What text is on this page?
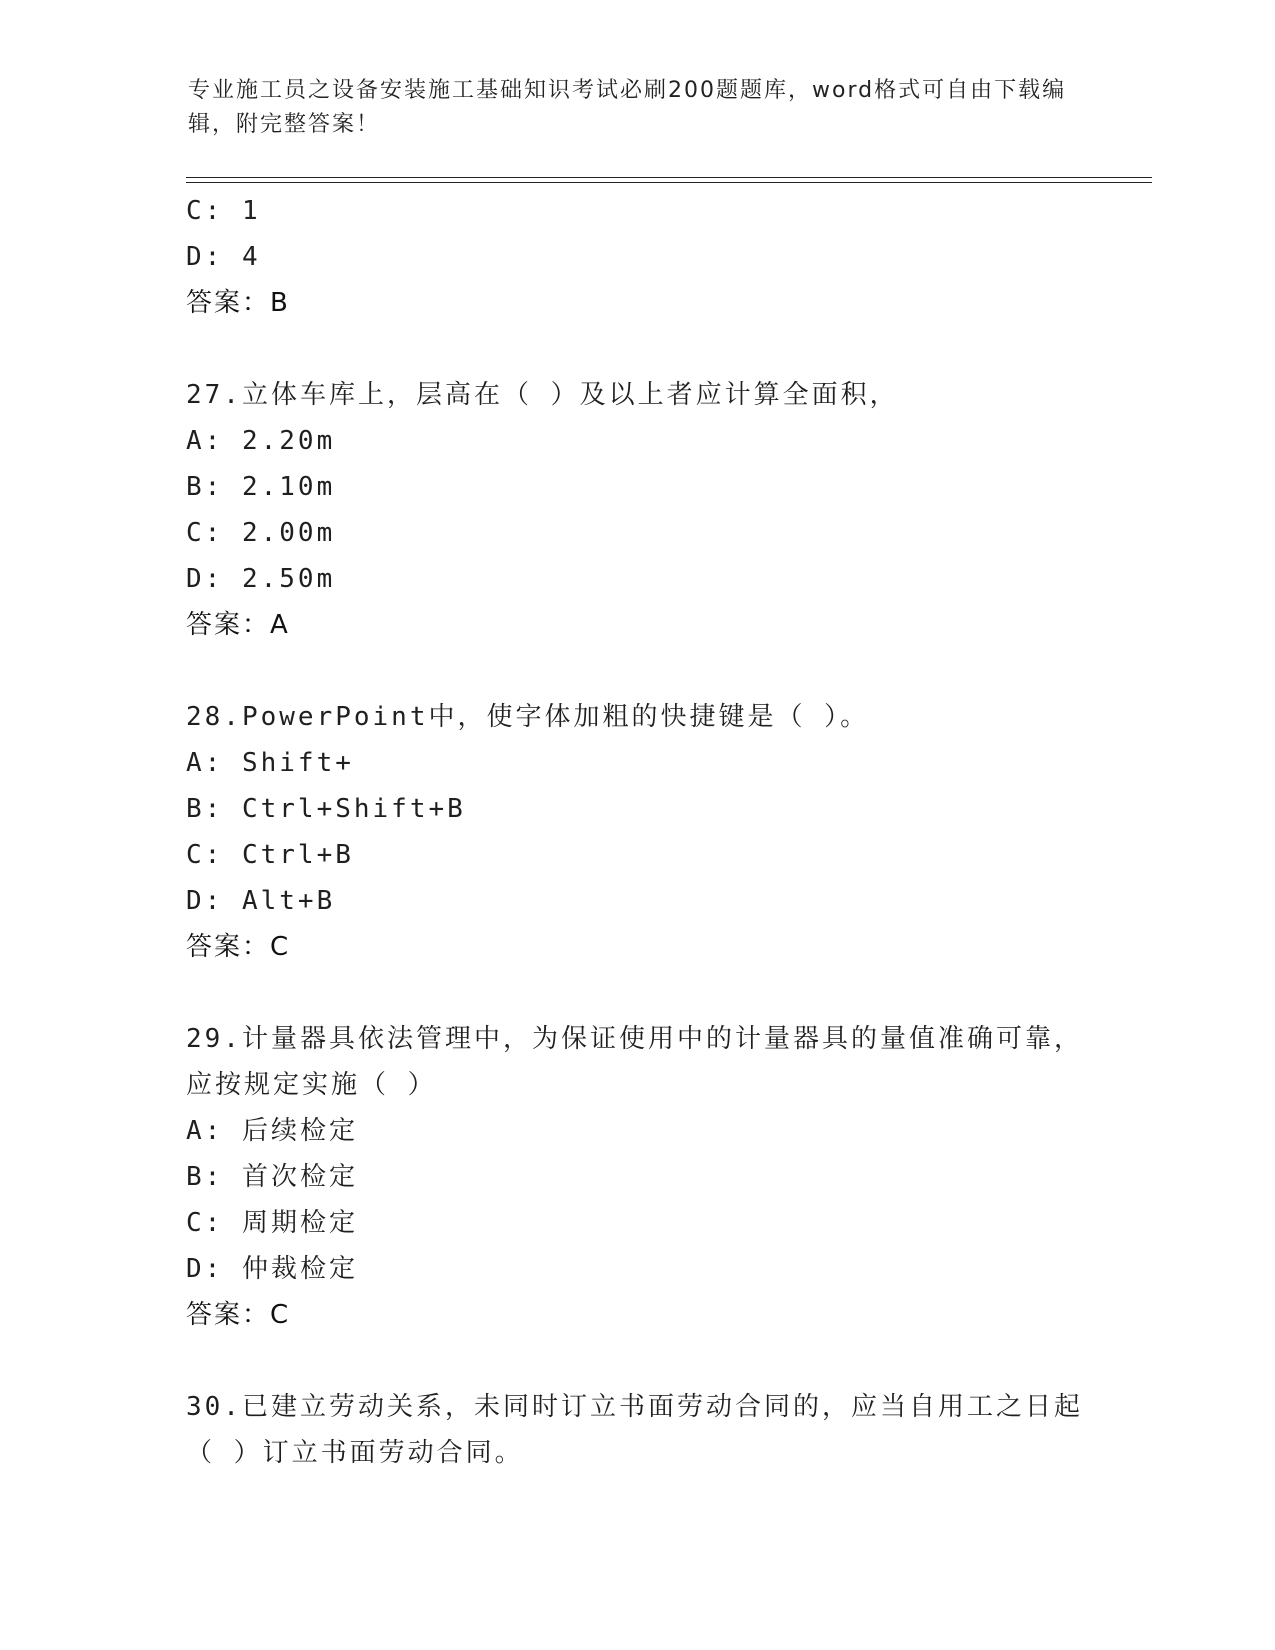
专业施工员之设备安装施工基础知识考试必刷200题题库，word格式可自由下载编辑，附完整答案！
C: 1
D: 4
答案：B
27.立体车库上，层高在（ ）及以上者应计算全面积，
A: 2.20m
B: 2.10m
C: 2.00m
D: 2.50m
答案：A
28.PowerPoint中，使字体加粗的快捷键是（ ）。
A: Shift+
B: Ctrl+Shift+B
C: Ctrl+B
D: Alt+B
答案：C
29.计量器具依法管理中，为保证使用中的计量器具的量值准确可靠，
应按规定实施（ ）
A: 后续检定
B: 首次检定
C: 周期检定
D: 仲裁检定
答案：C
30.已建立劳动关系，未同时订立书面劳动合同的，应当自用工之日起
（ ）订立书面劳动合同。
